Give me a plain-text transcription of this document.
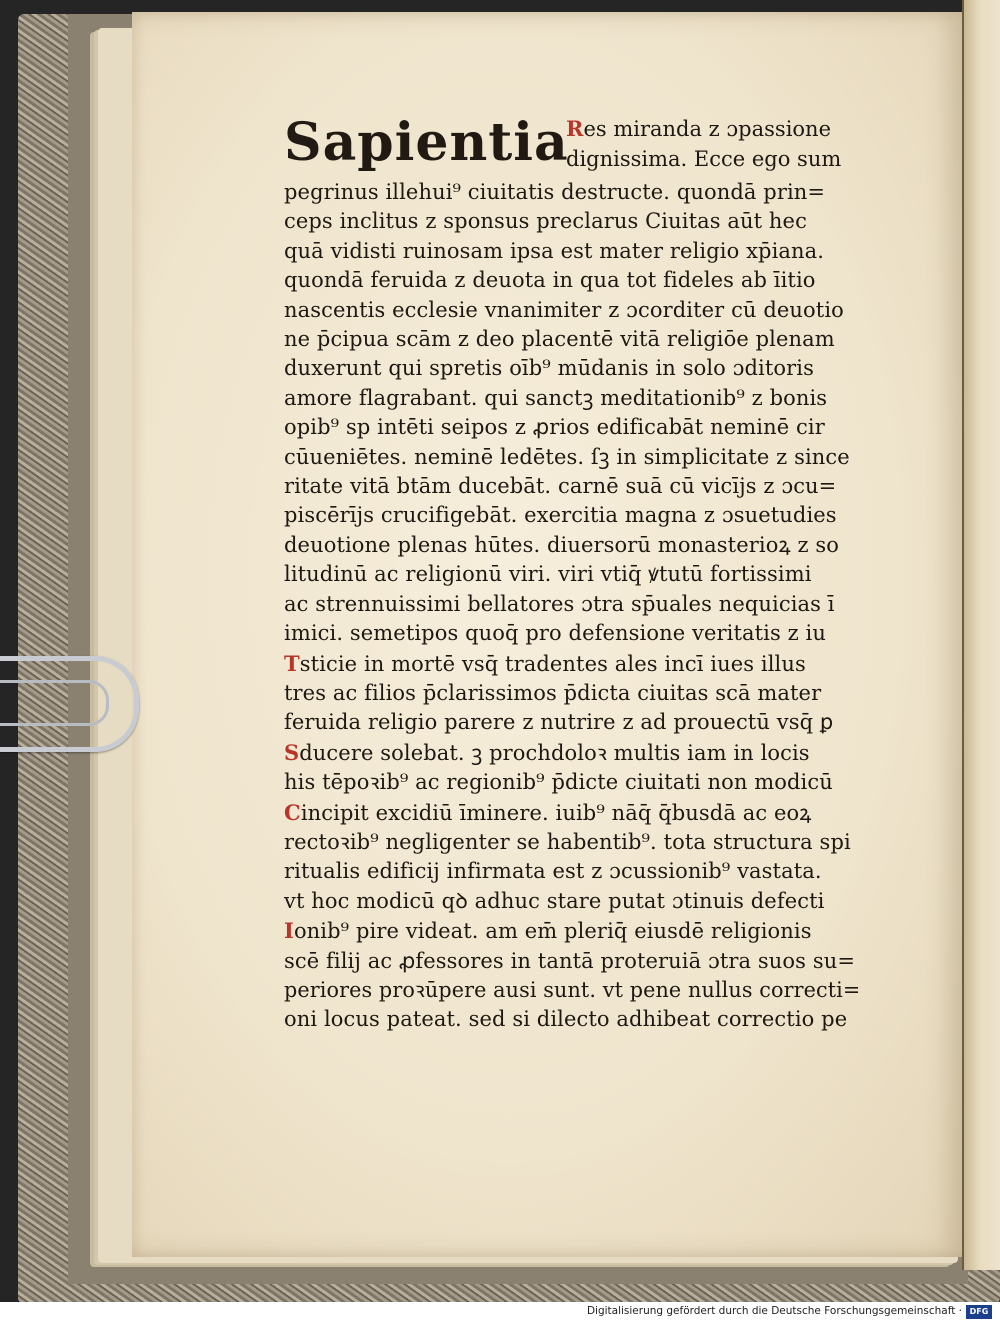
Sapientia
Res miranda z ɔpassione
dignissima. Ecce ego sum
pegrinus illehui⁹ ciuitatis destructe. quondā prin=
ceps inclitus z sponsus preclarus Ciuitas aūt hec
quā vidisti ruinosam ipsa est mater religio xp̄iana.
quondā feruida z deuota in qua tot fideles ab īitio
nascentis ecclesie vnanimiter z ɔcorditer cū deuotio
ne p̄cipua scām z deo placentē vitā religiōe plenam
duxerunt qui spretis oīb⁹ mūdanis in solo ɔditoris
amore flagrabant. qui sanctꝫ meditationib⁹ z bonis
opib⁹ sp intēti seipos z ꝓrios edificabāt neminē cir
cūueniētes. neminē ledētes. ſꝫ in simplicitate z since
ritate vitā btām ducebāt. carnē suā cū vicījs z ɔcu=
piscērījs crucifigebāt. exercitia magna z ɔsuetudies
deuotione plenas hūtes. diuersorū monasterioꝝ z so
litudinū ac religionū viri. viri vtiq̄ ꝟtutū fortissimi
ac strennuissimi bellatores ɔtra sp̄uales nequicias ī
imici. semetipos quoq̄ pro defensione veritatis z iu
Tsticie in mortē vsq̄ tradentes ales incī iues illus
tres ac filios p̄clarissimos p̄dicta ciuitas scā mater
feruida religio parere z nutrire z ad prouectū vsq̄ ꝑ
Sducere solebat. ꝫ prochdoloꝛ multis iam in locis
his tēpoꝛib⁹ ac regionib⁹ p̄dicte ciuitati non modicū
Cincipit excidiū īminere. iuib⁹ nāq̄ q̄busdā ac eoꝝ
rectoꝛib⁹ negligenter se habentib⁹. tota structura spi
ritualis edificij infirmata est z ɔcussionib⁹ vastata.
vt hoc modicū qꝺ adhuc stare putat ɔtinuis defecti
Ionib⁹ pire videat. am em̄ pleriq̄ eiusdē religionis
scē filij ac ꝓfessores in tantā proteruiā ɔtra suos su=
periores proꝛūpere ausi sunt. vt pene nullus correcti=
oni locus pateat. sed si dilecto adhibeat correctio pe
Digitalisierung gefördert durch die Deutsche Forschungsgemeinschaft · DFG
